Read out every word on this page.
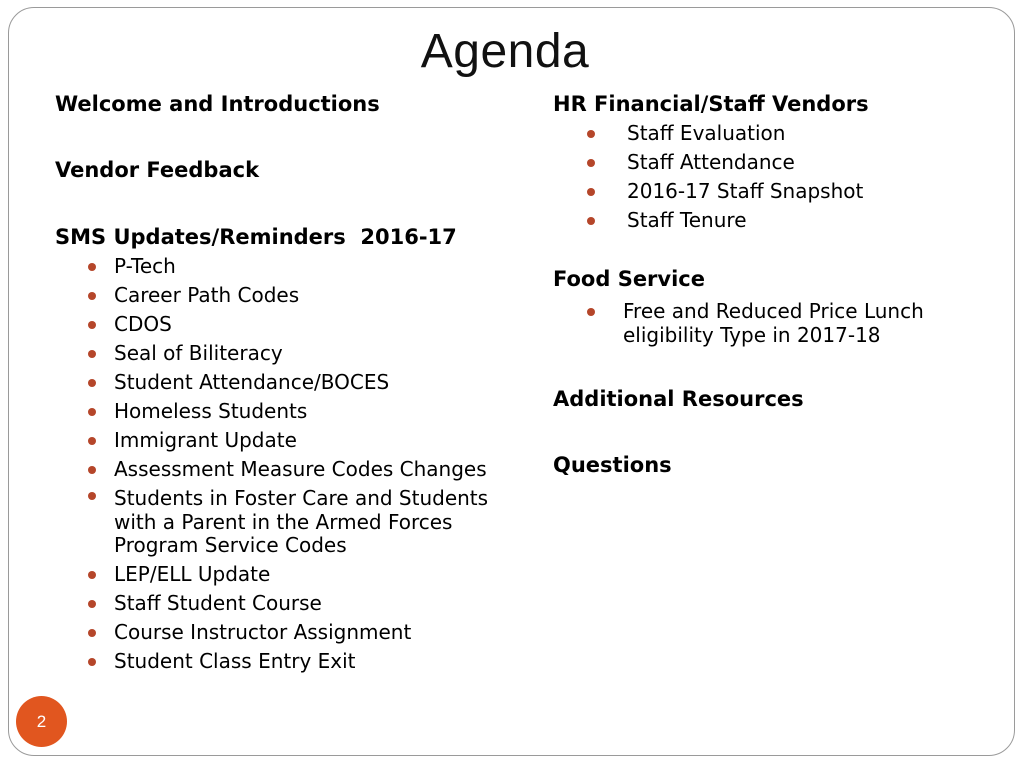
Agenda
Welcome and Introductions
Vendor Feedback
SMS Updates/Reminders  2016-17
P-Tech
Career Path Codes
CDOS
Seal of Biliteracy
Student Attendance/BOCES
Homeless Students
Immigrant Update
Assessment Measure Codes Changes
Students in Foster Care and Students
with a Parent in the Armed Forces
Program Service Codes
LEP/ELL Update
Staff Student Course
Course Instructor Assignment
Student Class Entry Exit
HR Financial/Staff Vendors
Staff Evaluation
Staff Attendance
2016-17 Staff Snapshot
Staff Tenure
Food Service
Free and Reduced Price Lunch
eligibility Type in 2017-18
Additional Resources
Questions
2
